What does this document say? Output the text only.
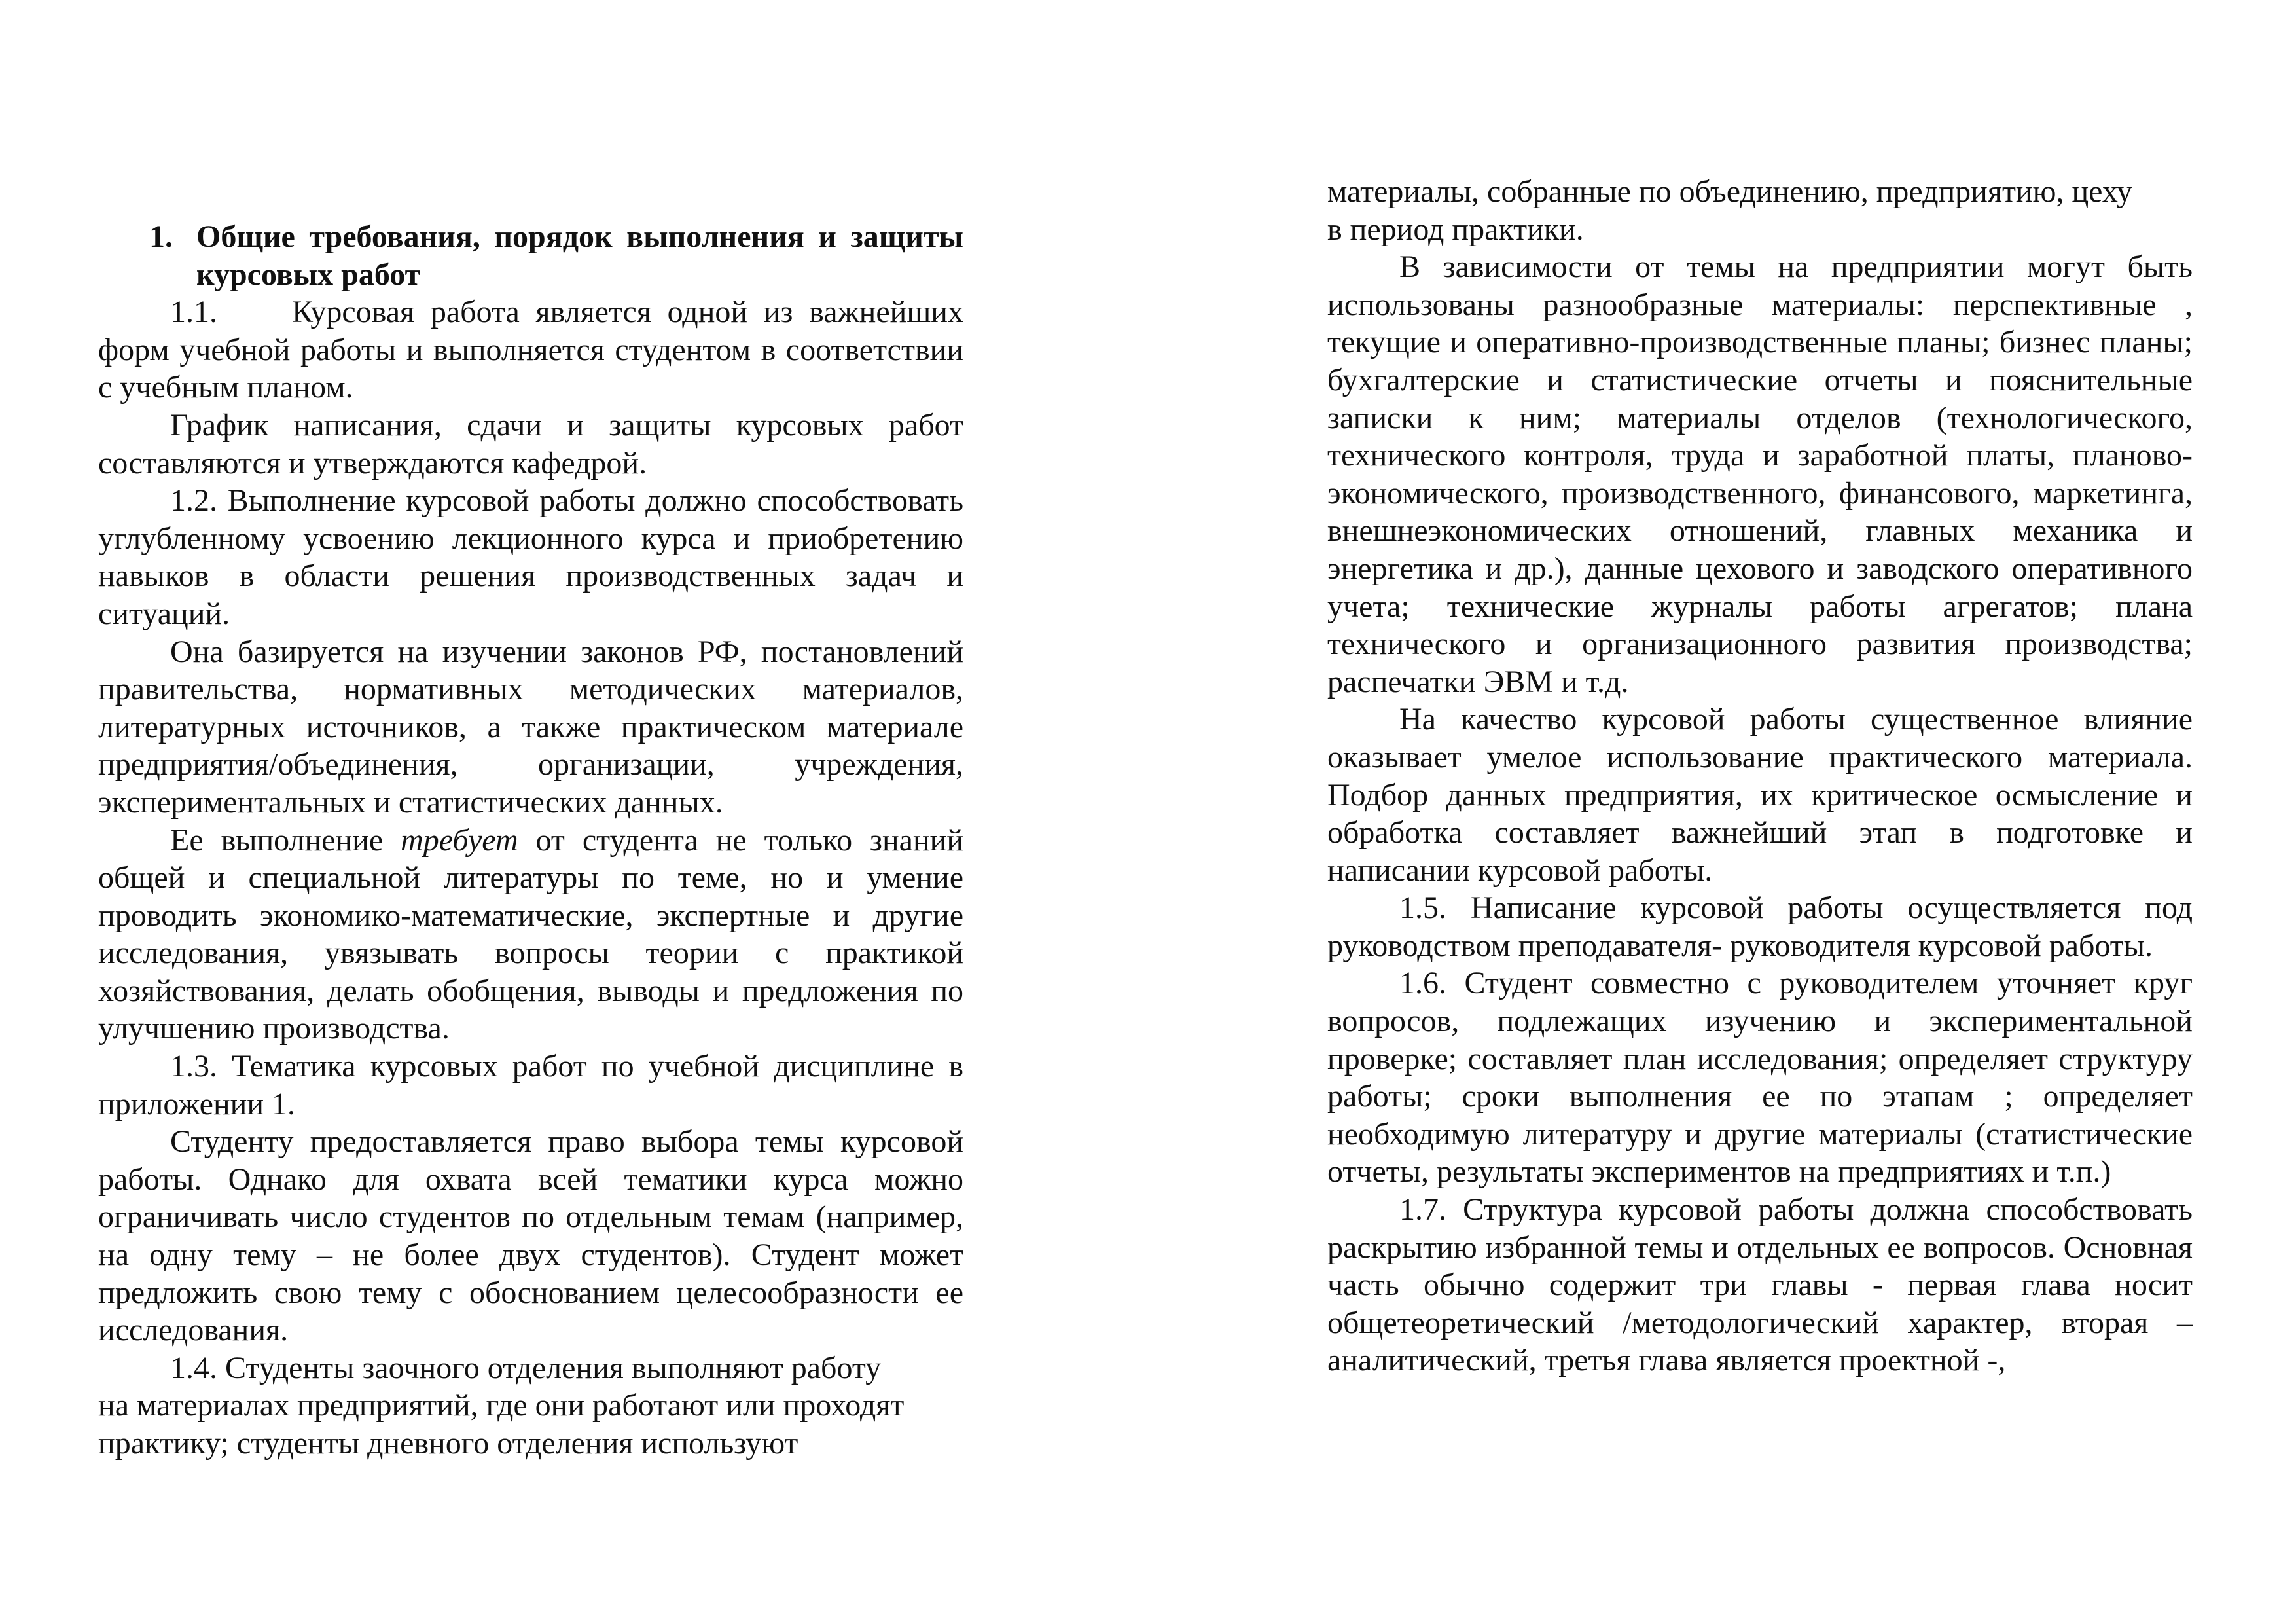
1. Общие требования, порядок выполнения и защиты курсовых работ

1.1. Курсовая работа является одной из важнейших форм учебной работы и выполняется студентом в соответствии с учебным планом.

График написания, сдачи и защиты курсовых работ составляются и утверждаются кафедрой.

1.2. Выполнение курсовой работы должно способствовать углубленному усвоению лекционного курса и приобретению навыков в области решения производственных задач и ситуаций.

Она базируется на изучении законов РФ, постановлений правительства, нормативных методических материалов, литературных источников, а также практическом материале предприятия/объединения, организации, учреждения, экспериментальных и статистических данных.

Ее выполнение требует от студента не только знаний общей и специальной литературы по теме, но и умение проводить экономико-математические, экспертные и другие исследования, увязывать вопросы теории с практикой хозяйствования, делать обобщения, выводы и предложения по улучшению производства.

1.3. Тематика курсовых работ по учебной дисциплине в приложении 1.

Студенту предоставляется право выбора темы курсовой работы. Однако для охвата всей тематики курса можно ограничивать число студентов по отдельным темам (например, на одну тему – не более двух студентов). Студент может предложить свою тему с обоснованием целесообразности ее исследования.

1.4. Студенты заочного отделения выполняют работу

на материалах предприятий, где они работают или проходят

практику; студенты дневного отделения используют

материалы, собранные по объединению, предприятию, цеху

в период практики.

В зависимости от темы на предприятии могут быть использованы разнообразные материалы: перспективные , текущие и оперативно-производственные планы; бизнес планы; бухгалтерские и статистические отчеты и пояснительные записки к ним; материалы отделов (технологического, технического контроля, труда и заработной платы, планово-экономического, производственного, финансового, маркетинга, внешнеэкономических отношений, главных механика и энергетика и др.), данные цехового и заводского оперативного учета; технические журналы работы агрегатов; плана технического и организационного развития производства; распечатки ЭВМ и т.д.

На качество курсовой работы существенное влияние оказывает умелое использование практического материала. Подбор данных предприятия, их критическое осмысление и обработка составляет важнейший этап в подготовке и написании курсовой работы.

1.5. Написание курсовой работы осуществляется под руководством преподавателя- руководителя курсовой работы.

1.6. Студент совместно с руководителем уточняет круг вопросов, подлежащих изучению и экспериментальной проверке; составляет план исследования; определяет структуру работы; сроки выполнения ее по этапам ; определяет необходимую литературу и другие материалы (статистические отчеты, результаты экспериментов на предприятиях и т.п.)

1.7. Структура курсовой работы должна способствовать раскрытию избранной темы и отдельных ее вопросов. Основная часть обычно содержит три главы - первая глава носит общетеоретический /методологический характер, вторая – аналитический, третья глава является проектной -,
